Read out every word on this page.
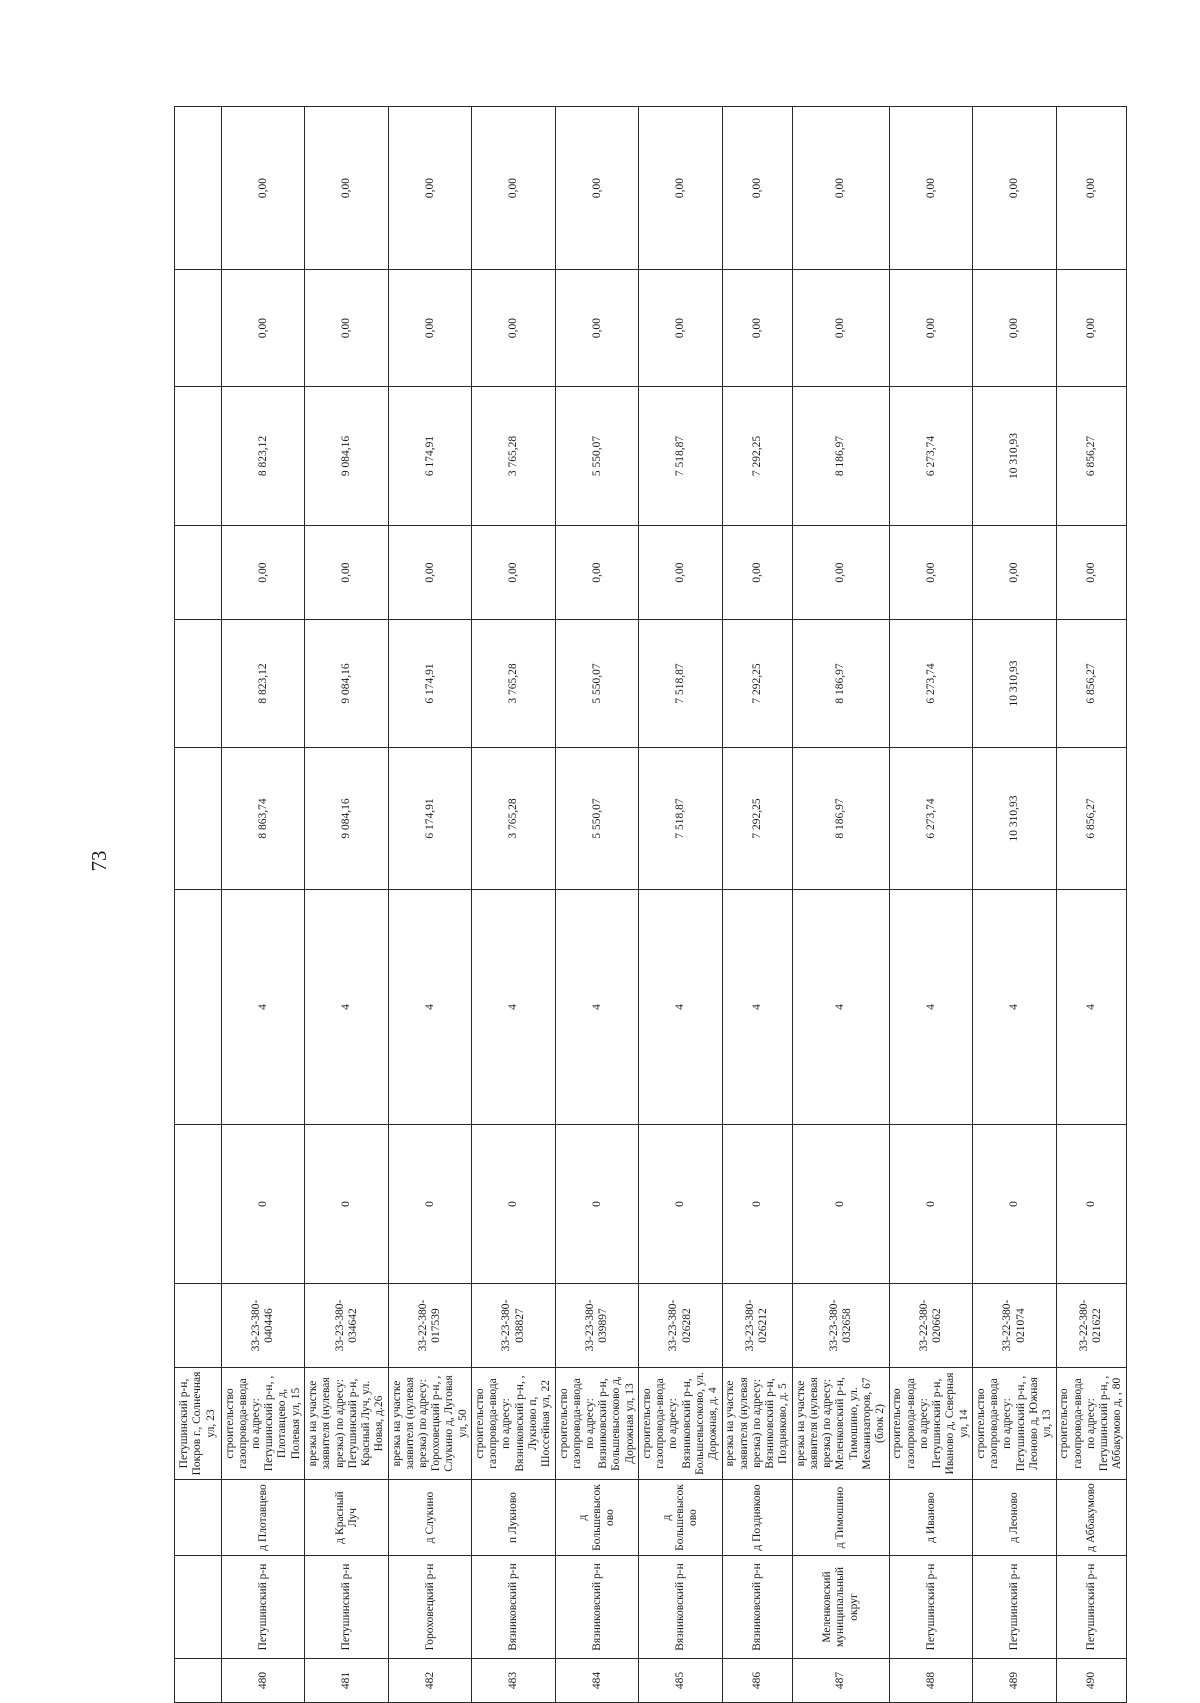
73
			Петушинский р-н, Покров г., Солнечная ул, 23									
480	Петушинский р-н	д Плотавцево	строительство газопровода-ввода по адресу: Петушинский р-н, , Плотавцево д, Полевая ул, 15	33-23-380-040446	0	4	8 863,74	8 823,12	0,00	8 823,12	0,00	0,00
481	Петушинский р-н	д Красный Луч	врезка на участке заявителя (нулевая врезка) по адресу: Петушинский р-н, Красный Луч, ул. Новая, д.26	33-23-380-034642	0	4	9 084,16	9 084,16	0,00	9 084,16	0,00	0,00
482	Гороховецкий р-н	д Слукино	врезка на участке заявителя (нулевая врезка) по адресу: Гороховецкий р-н, , Слукино д, Луговая ул, 50	33-22-380-017539	0	4	6 174,91	6 174,91	0,00	6 174,91	0,00	0,00
483	Вязниковский р-н	п Лукново	строительство газопровода-ввода по адресу: Вязниковский р-н, , Лукново п, Шоссейная ул, 22	33-23-380-038827	0	4	3 765,28	3 765,28	0,00	3 765,28	0,00	0,00
484	Вязниковский р-н	д Большевысоково	строительство газопровода-ввода по адресу: Вязниковский р-н, Большевысоково д, Дорожная ул, 13	33-23-380-039897	0	4	5 550,07	5 550,07	0,00	5 550,07	0,00	0,00
485	Вязниковский р-н	д Большевысоково	строительство газопровода-ввода по адресу: Вязниковский р-н, Большевысоково, ул. Дорожная, д. 4	33-23-380-026282	0	4	7 518,87	7 518,87	0,00	7 518,87	0,00	0,00
486	Вязниковский р-н	д Поздняково	врезка на участке заявителя (нулевая врезка) по адресу: Вязниковский р-н, Поздняково, д. 5	33-23-380-026212	0	4	7 292,25	7 292,25	0,00	7 292,25	0,00	0,00
487	Меленковский муниципальный округ	д Тимошино	врезка на участке заявителя (нулевая врезка) по адресу: Меленковский р-н, Тимошино, ул. Механизаторов, 67 (блок 2)	33-23-380-032658	0	4	8 186,97	8 186,97	0,00	8 186,97	0,00	0,00
488	Петушинский р-н	д Иваново	строительство газопровода-ввода по адресу: Петушинский р-н, Иваново д, Северная ул, 14	33-22-380-020662	0	4	6 273,74	6 273,74	0,00	6 273,74	0,00	0,00
489	Петушинский р-н	д Леоново	строительство газопровода-ввода по адресу: Петушинский р-н, , Леоново д, Южная ул, 13	33-22-380-021074	0	4	10 310,93	10 310,93	0,00	10 310,93	0,00	0,00
490	Петушинский р-н	д Аббакумово	строительство газопровода-ввода по адресу: Петушинский р-н, , Аббакумово д, , 80	33-22-380-021622	0	4	6 856,27	6 856,27	0,00	6 856,27	0,00	0,00
